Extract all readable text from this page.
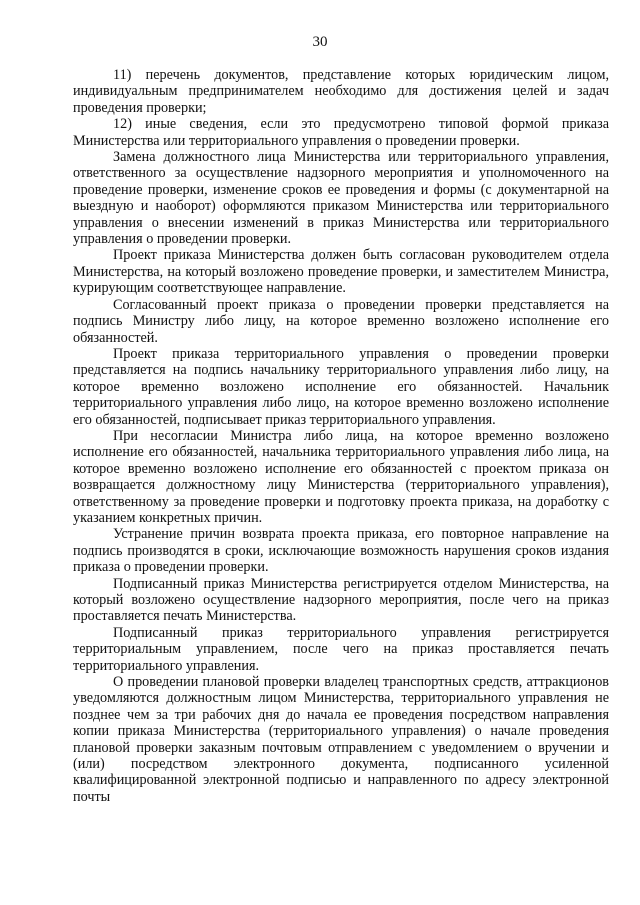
30

11) перечень документов, представление которых юридическим лицом, индивидуальным предпринимателем необходимо для достижения целей и задач проведения проверки;

12) иные сведения, если это предусмотрено типовой формой приказа Министерства или территориального управления о проведении проверки.

Замена должностного лица Министерства или территориального управления, ответственного за осуществление надзорного мероприятия и уполномоченного на проведение проверки, изменение сроков ее проведения и формы (с документарной на выездную и наоборот) оформляются приказом Министерства или территориального управления о внесении изменений в приказ Министерства или территориального управления о проведении проверки.

Проект приказа Министерства должен быть согласован руководителем отдела Министерства, на который возложено проведение проверки, и заместителем Министра, курирующим соответствующее направление.

Согласованный проект приказа о проведении проверки представляется на подпись Министру либо лицу, на которое временно возложено исполнение его обязанностей.

Проект приказа территориального управления о проведении проверки представляется на подпись начальнику территориального управления либо лицу, на которое временно возложено исполнение его обязанностей. Начальник территориального управления либо лицо, на которое временно возложено исполнение его обязанностей, подписывает приказ территориального управления.

При несогласии Министра либо лица, на которое временно возложено исполнение его обязанностей, начальника территориального управления либо лица, на которое временно возложено исполнение его обязанностей с проектом приказа он возвращается должностному лицу Министерства (территориального управления), ответственному за проведение проверки и подготовку проекта приказа, на доработку с указанием конкретных причин.

Устранение причин возврата проекта приказа, его повторное направление на подпись производятся в сроки, исключающие возможность нарушения сроков издания приказа о проведении проверки.

Подписанный приказ Министерства регистрируется отделом Министерства, на который возложено осуществление надзорного мероприятия, после чего на приказ проставляется печать Министерства.

Подписанный приказ территориального управления регистрируется территориальным управлением, после чего на приказ проставляется печать территориального управления.

О проведении плановой проверки владелец транспортных средств, аттракционов уведомляются должностным лицом Министерства, территориального управления не позднее чем за три рабочих дня до начала ее проведения посредством направления копии приказа Министерства (территориального управления) о начале проведения плановой проверки заказным почтовым отправлением с уведомлением о вручении и (или) посредством электронного документа, подписанного усиленной квалифицированной электронной подписью и направленного по адресу электронной почты
